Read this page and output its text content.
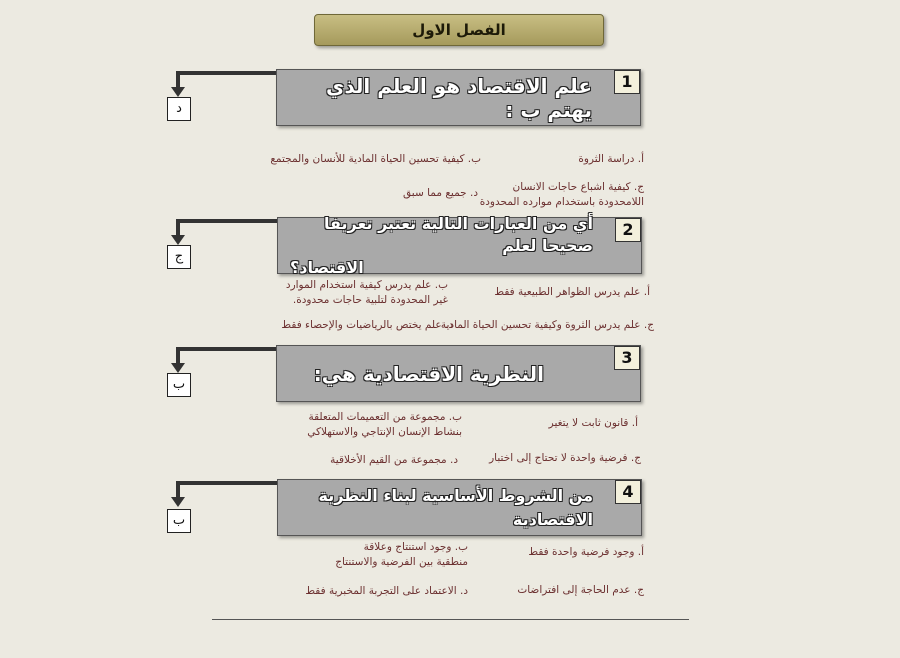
الفصل الاول
د
علم الاقتصاد هو العلم الذي يهتم ب :
1
أ. دراسة الثروة
ب. كيفية تحسين الحياة المادية للأنسان والمجتمع
ج. كيفية اشباع حاجات الانسان
اللامحدودة باستخدام موارده المحدودة
د. جميع مما سبق
ج
أي من العبارات التالية تعتبر تعريفا صحيحا لعلم
الاقتصاد؟
2
أ. علم يدرس الظواهر الطبيعية فقط
ب. علم يدرس كيفية استخدام الموارد
غير المحدودة لتلبية حاجات محدودة.
ج. علم يدرس الثروة وكيفية تحسين الحياة المادية
د. علم يختص بالرياضيات والإحصاء فقط
ب	النظرية الاقتصادية هي:
3
أ. قانون ثابت لا يتغير
ب. مجموعة من التعميمات المتعلقة
بنشاط الإنسان الإنتاجي والاستهلاكي
ج. فرضية واحدة لا تحتاج إلى اختبار
د. مجموعة من القيم الأخلاقية
ب
من الشروط الأساسية لبناء النظرية الاقتصادية
4
أ. وجود فرضية واحدة فقط
ب. وجود استنتاج وعلاقة
منطقية بين الفرضية والاستنتاج
ج. عدم الحاجة إلى افتراضات
د. الاعتماد على التجربة المخبرية فقط
